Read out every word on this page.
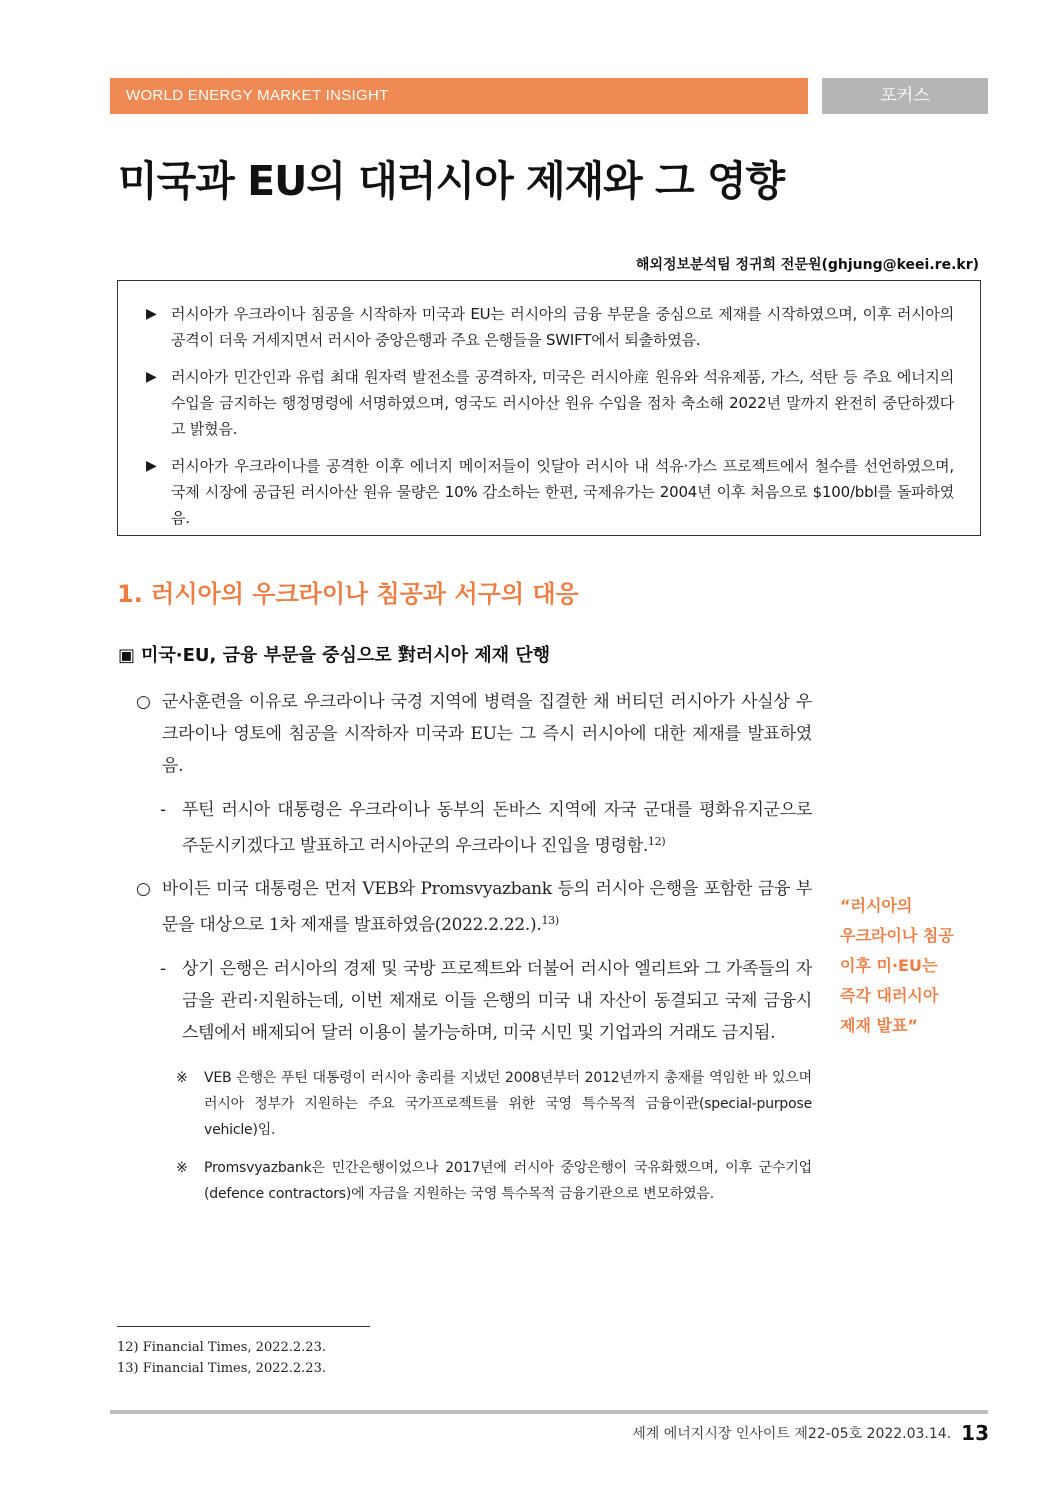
WORLD ENERGY MARKET INSIGHT	포커스
미국과 EU의 대러시아 제재와 그 영향
해외정보분석팀 정귀희 전문원(ghjung@keei.re.kr)
▶ 러시아가 우크라이나 침공을 시작하자 미국과 EU는 러시아의 금융 부문을 중심으로 제재를 시작하였으며, 이후 러시아의 공격이 더욱 거세지면서 러시아 중앙은행과 주요 은행들을 SWIFT에서 퇴출하였음.
▶ 러시아가 민간인과 유럽 최대 원자력 발전소를 공격하자, 미국은 러시아産 원유와 석유제품, 가스, 석탄 등 주요 에너지의 수입을 금지하는 행정명령에 서명하였으며, 영국도 러시아산 원유 수입을 점차 축소해 2022년 말까지 완전히 중단하겠다고 밝혔음.
▶ 러시아가 우크라이나를 공격한 이후 에너지 메이저들이 잇달아 러시아 내 석유·가스 프로젝트에서 철수를 선언하였으며, 국제 시장에 공급된 러시아산 원유 물량은 10% 감소하는 한편, 국제유가는 2004년 이후 처음으로 $100/bbl를 돌파하였음.
1. 러시아의 우크라이나 침공과 서구의 대응
▣ 미국·EU, 금융 부문을 중심으로 對러시아 제재 단행
○ 군사훈련을 이유로 우크라이나 국경 지역에 병력을 집결한 채 버티던 러시아가 사실상 우크라이나 영토에 침공을 시작하자 미국과 EU는 그 즉시 러시아에 대한 제재를 발표하였음.
- 푸틴 러시아 대통령은 우크라이나 동부의 돈바스 지역에 자국 군대를 평화유지군으로 주둔시키겠다고 발표하고 러시아군의 우크라이나 진입을 명령함.$^{12)}$
○ 바이든 미국 대통령은 먼저 VEB와 Promsvyazbank 등의 러시아 은행을 포함한 금융 부문을 대상으로 1차 제재를 발표하였음(2022.2.22.).$^{13)}$
- 상기 은행은 러시아의 경제 및 국방 프로젝트와 더불어 러시아 엘리트와 그 가족들의 자금을 관리·지원하는데, 이번 제재로 이들 은행의 미국 내 자산이 동결되고 국제 금융시스템에서 배제되어 달러 이용이 불가능하며, 미국 시민 및 기업과의 거래도 금지됨.
※	VEB 은행은 푸틴 대통령이 러시아 총리를 지냈던 2008년부터 2012년까지 총재를 역임한 바 있으며 러시아 정부가 지원하는 주요 국가프로젝트를 위한 국영 특수목적 금융이관(special-purpose vehicle)임.
※	Promsvyazbank은 민간은행이었으나 2017년에 러시아 중앙은행이 국유화했으며, 이후 군수기업(defence contractors)에 자금을 지원하는 국영 특수목적 금융기관으로 변모하였음.
“러시아의
우크라이나 침공
이후 미·EU는
즉각 대러시아
제재 발표”
12) Financial Times, 2022.2.23.
13) Financial Times, 2022.2.23.
세계 에너지시장 인사이트 제22-05호 2022.03.14. 13
